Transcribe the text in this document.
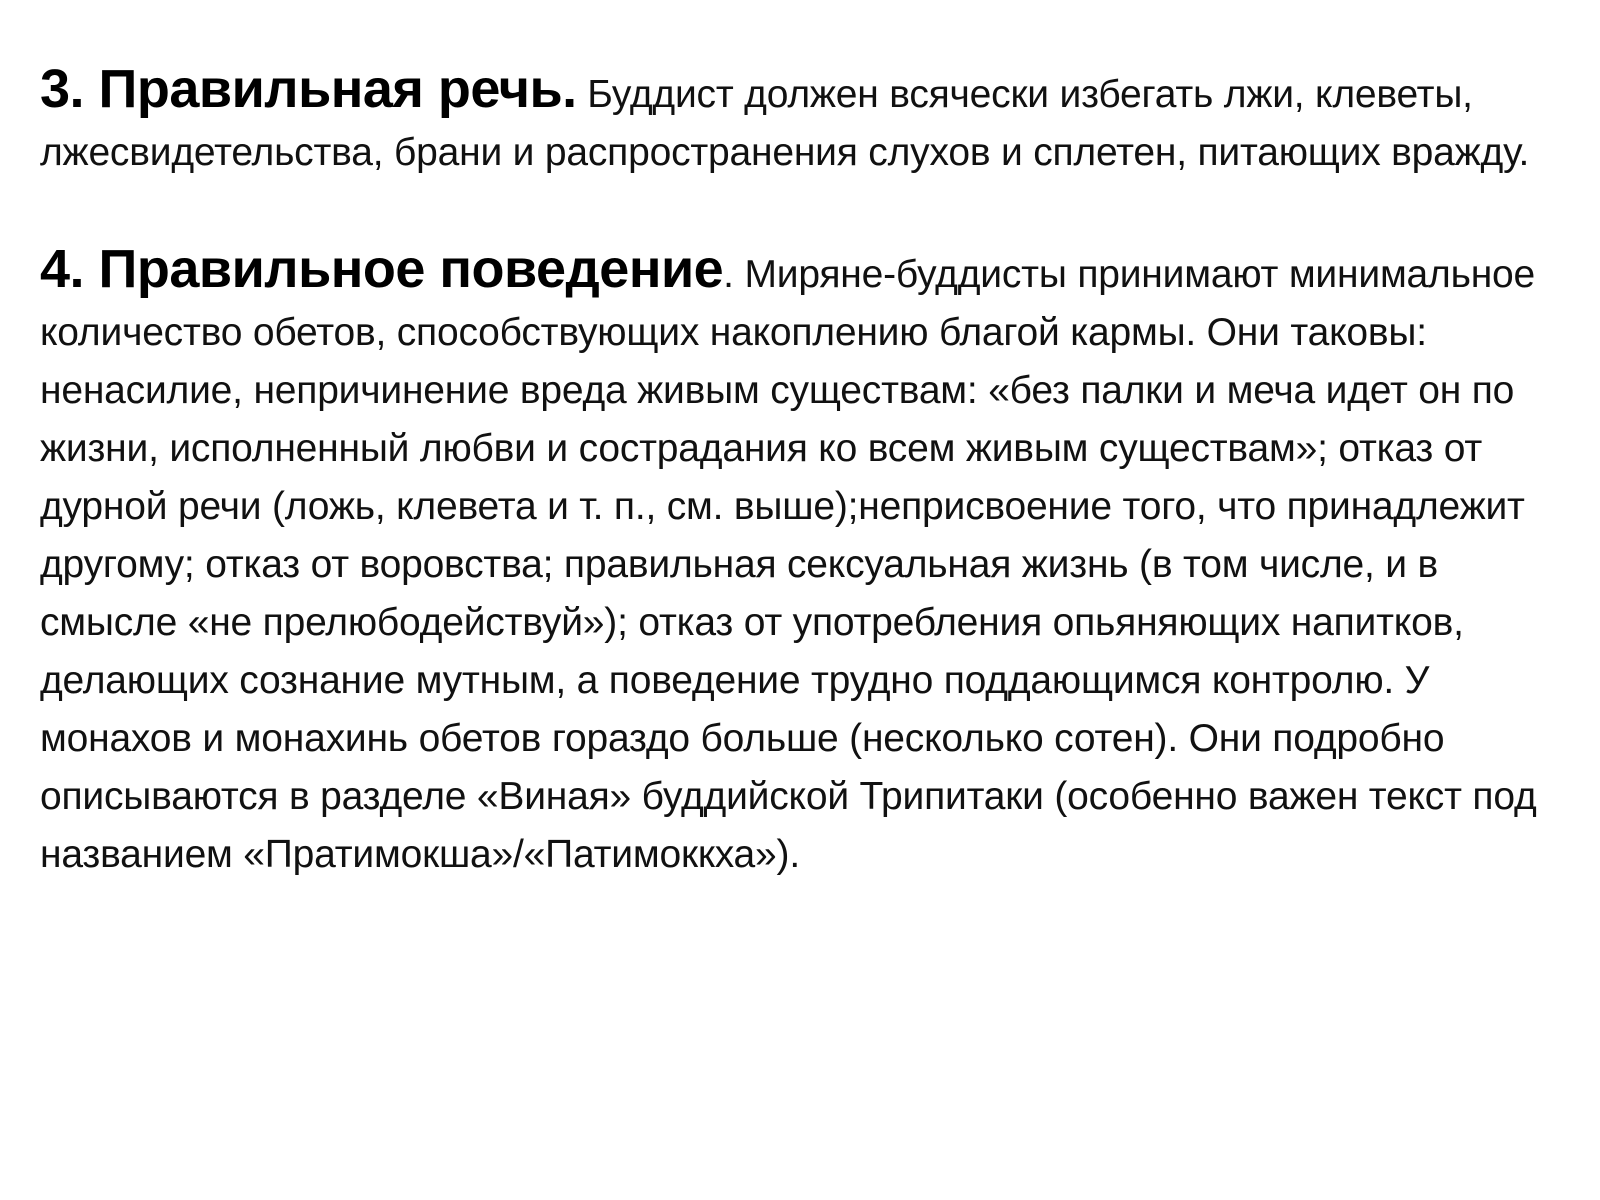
3. Правильная речь. Буддист должен всячески избегать лжи, клеветы, лжесвидетельства, брани и распространения слухов и сплетен, питающих вражду.

4. Правильное поведение. Миряне-буддисты принимают минимальное количество обетов, способствующих накоплению благой кармы. Они таковы: ненасилие, непричинение вреда живым существам: «без палки и меча идет он по жизни, исполненный любви и сострадания ко всем живым существам»; отказ от дурной речи (ложь, клевета и т. п., см. выше);неприсвоение того, что принадлежит другому; отказ от воровства; правильная сексуальная жизнь (в том числе, и в смысле «не прелюбодействуй»); отказ от употребления опьяняющих напитков, делающих сознание мутным, а поведение трудно поддающимся контролю. У монахов и монахинь обетов гораздо больше (несколько сотен). Они подробно описываются в разделе «Виная» буддийской Трипитаки (особенно важен текст под названием «Пратимокша»/«Патимоккха»).
